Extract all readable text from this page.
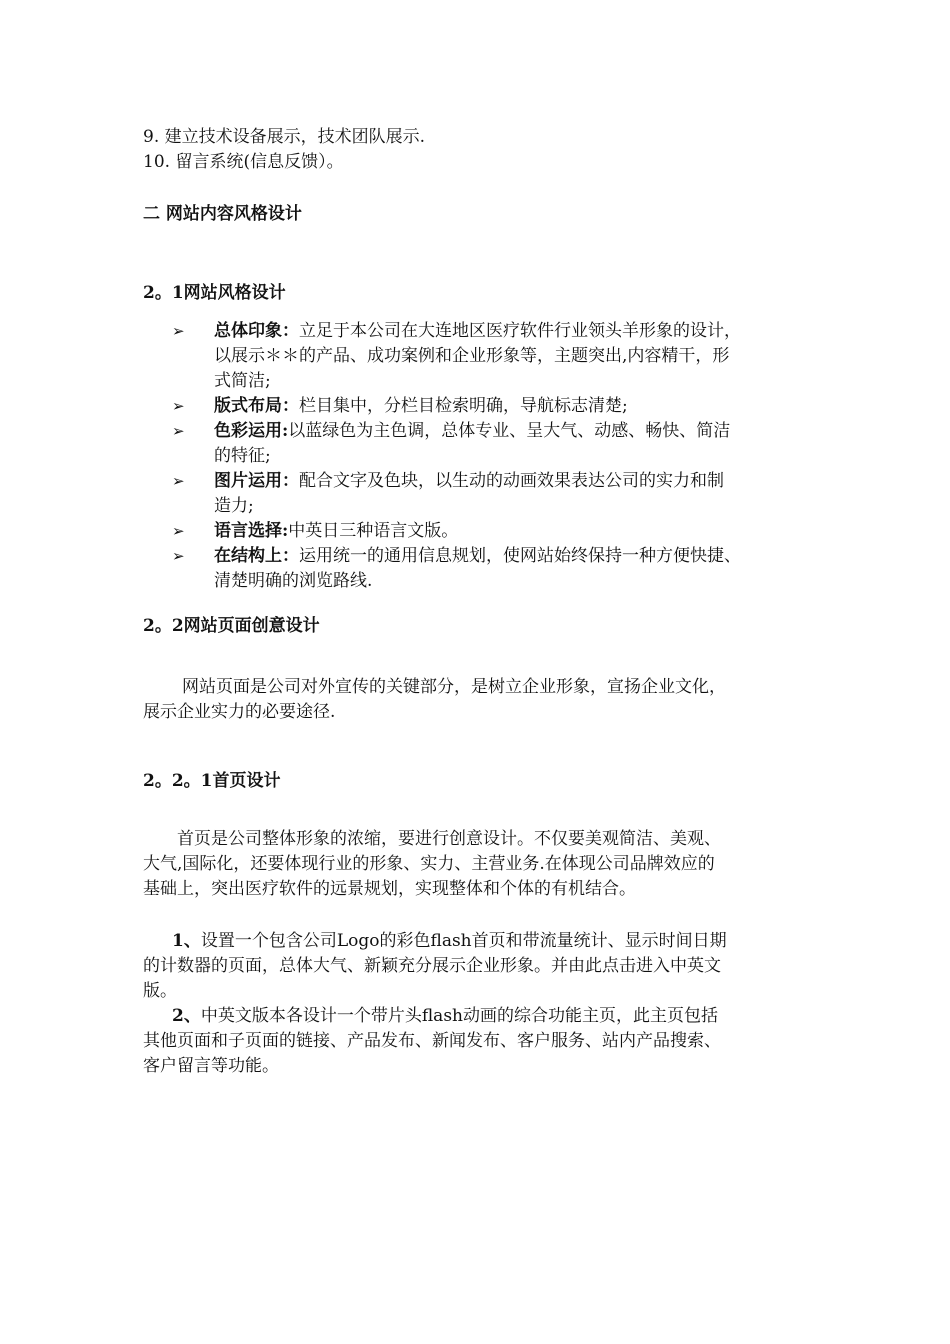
9. 建立技术设备展示，技术团队展示.
10. 留言系统(信息反馈）。
二 网站内容风格设计
2。1网站风格设计
➢ 总体印象：立足于本公司在大连地区医疗软件行业领头羊形象的设计，
以展示＊＊的产品、成功案例和企业形象等，主题突出,内容精干，形
式简洁;
➢ 版式布局：栏目集中，分栏目检索明确，导航标志清楚;
➢ 色彩运用:以蓝绿色为主色调，总体专业、呈大气、动感、畅快、简洁
的特征;
➢ 图片运用：配合文字及色块，以生动的动画效果表达公司的实力和制
造力;
➢ 语言选择:中英日三种语言文版。
➢ 在结构上：运用统一的通用信息规划，使网站始终保持一种方便快捷、
清楚明确的浏览路线.
2。2网站页面创意设计
网站页面是公司对外宣传的关键部分，是树立企业形象，宣扬企业文化，
展示企业实力的必要途径.
2。2。1首页设计
首页是公司整体形象的浓缩，要进行创意设计。不仅要美观简洁、美观、
大气,国际化，还要体现行业的形象、实力、主营业务.在体现公司品牌效应的
基础上，突出医疗软件的远景规划，实现整体和个体的有机结合。
1、设置一个包含公司Logo的彩色flash首页和带流量统计、显示时间日期
的计数器的页面，总体大气、新颖充分展示企业形象。并由此点击进入中英文
版。
2、中英文版本各设计一个带片头flash动画的综合功能主页，此主页包括
其他页面和子页面的链接、产品发布、新闻发布、客户服务、站内产品搜索、
客户留言等功能。
